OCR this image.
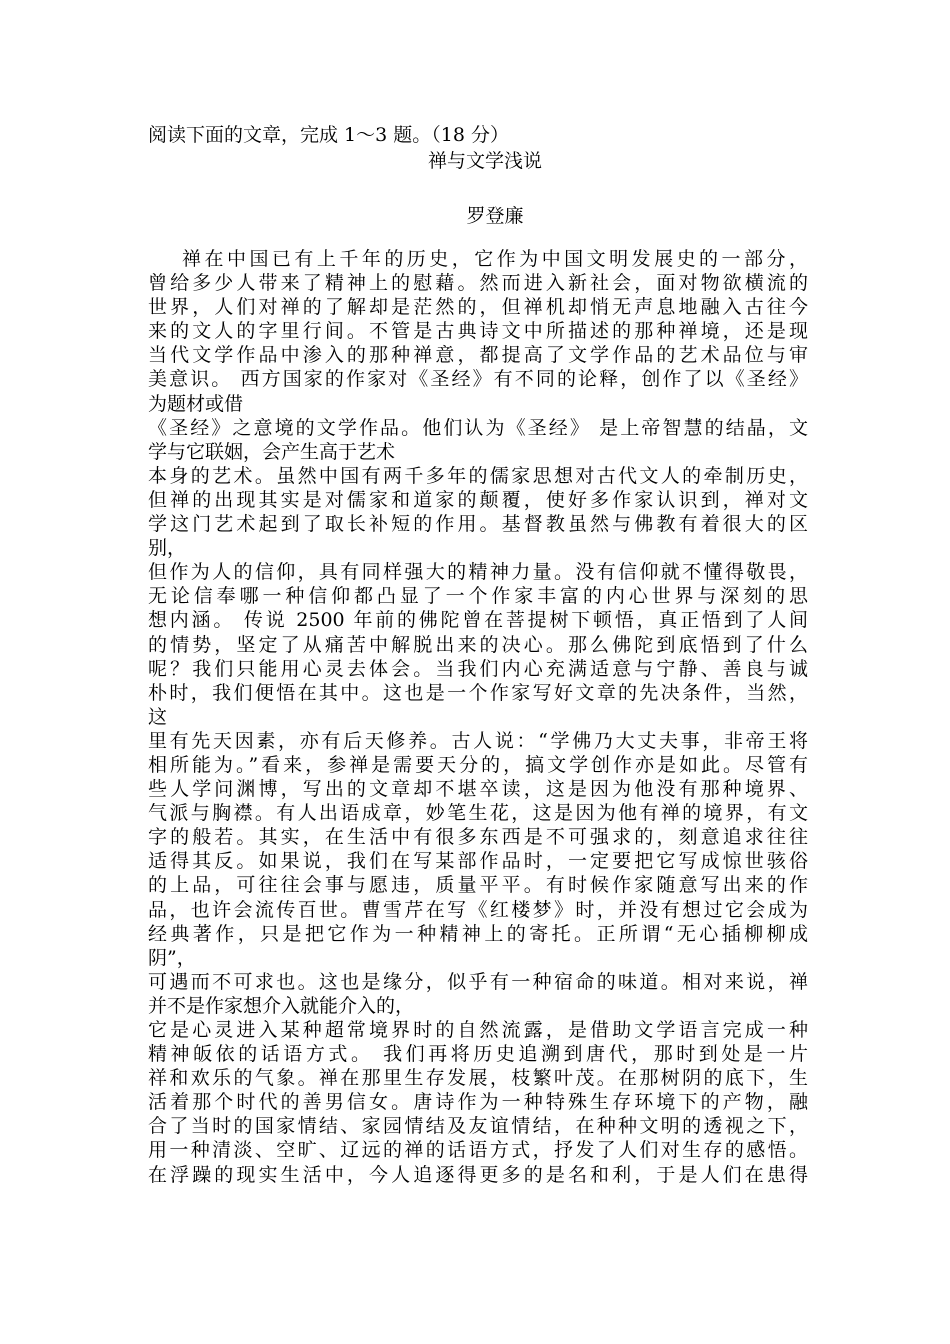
阅读下面的文章，完成 1～3 题。（18 分）
禅与文学浅说
罗登廉
禅在中国已有上千年的历史，它作为中国文明发展史的一部分，
曾给多少人带来了精神上的慰藉。然而进入新社会，面对物欲横流的
世界，人们对禅的了解却是茫然的，但禅机却悄无声息地融入古往今
来的文人的字里行间。不管是古典诗文中所描述的那种禅境，还是现
当代文学作品中渗入的那种禅意，都提高了文学作品的艺术品位与审
美意识。 西方国家的作家对《圣经》有不同的论释，创作了以《圣经》
为题材或借
《圣经》之意境的文学作品。他们认为《圣经》 是上帝智慧的结晶，文
学与它联姻，会产生高于艺术
本身的艺术。虽然中国有两千多年的儒家思想对古代文人的牵制历史，
但禅的出现其实是对儒家和道家的颠覆，使好多作家认识到，禅对文
学这门艺术起到了取长补短的作用。基督教虽然与佛教有着很大的区
别，
但作为人的信仰，具有同样强大的精神力量。没有信仰就不懂得敬畏，
无论信奉哪一种信仰都凸显了一个作家丰富的内心世界与深刻的思
想内涵。 传说 2500 年前的佛陀曾在菩提树下顿悟，真正悟到了人间
的情势，坚定了从痛苦中解脱出来的决心。那么佛陀到底悟到了什么
呢？我们只能用心灵去体会。当我们内心充满适意与宁静、善良与诚
朴时，我们便悟在其中。这也是一个作家写好文章的先决条件，当然，
这
里有先天因素，亦有后天修养。古人说：“学佛乃大丈夫事，非帝王将
相所能为。”看来，参禅是需要天分的，搞文学创作亦是如此。尽管有
些人学问渊博，写出的文章却不堪卒读，这是因为他没有那种境界、
气派与胸襟。有人出语成章，妙笔生花，这是因为他有禅的境界，有文
字的般若。其实，在生活中有很多东西是不可强求的，刻意追求往往
适得其反。如果说，我们在写某部作品时，一定要把它写成惊世骇俗
的上品，可往往会事与愿违，质量平平。有时候作家随意写出来的作
品，也许会流传百世。曹雪芹在写《红楼梦》时，并没有想过它会成为
经典著作，只是把它作为一种精神上的寄托。正所谓“无心插柳柳成
阴”，
可遇而不可求也。这也是缘分，似乎有一种宿命的味道。相对来说，禅
并不是作家想介入就能介入的，
它是心灵进入某种超常境界时的自然流露，是借助文学语言完成一种
精神皈依的话语方式。 我们再将历史追溯到唐代，那时到处是一片
祥和欢乐的气象。禅在那里生存发展，枝繁叶茂。在那树阴的底下，生
活着那个时代的善男信女。唐诗作为一种特殊生存环境下的产物，融
合了当时的国家情结、家园情结及友谊情结，在种种文明的透视之下，
用一种清淡、空旷、辽远的禅的话语方式，抒发了人们对生存的感悟。
在浮躁的现实生活中，今人追逐得更多的是名和利，于是人们在患得
